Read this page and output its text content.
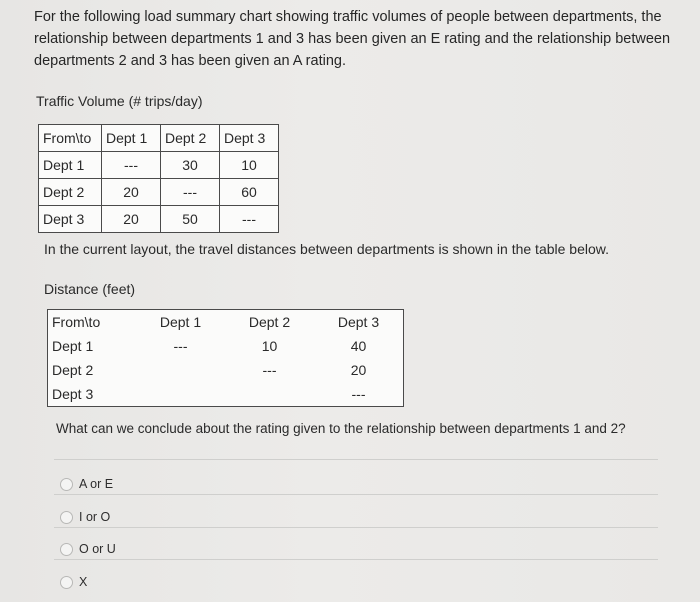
For the following load summary chart showing traffic volumes of people between departments, the relationship between departments 1 and 3 has been given an E rating and the relationship between departments 2 and 3 has been given an A rating.
Traffic Volume (# trips/day)
From\to	Dept 1	Dept 2	Dept 3
Dept 1	---	30	10
Dept 2	20	---	60
Dept 3	20	50	---
In the current layout, the travel distances between departments is shown in the table below.
Distance (feet)
From\to	Dept 1	Dept 2	Dept 3
Dept 1	---	10	40
Dept 2		---	20
Dept 3			---
What can we conclude about the rating given to the relationship between departments 1 and 2?
A or E
I or O
O or U
X
